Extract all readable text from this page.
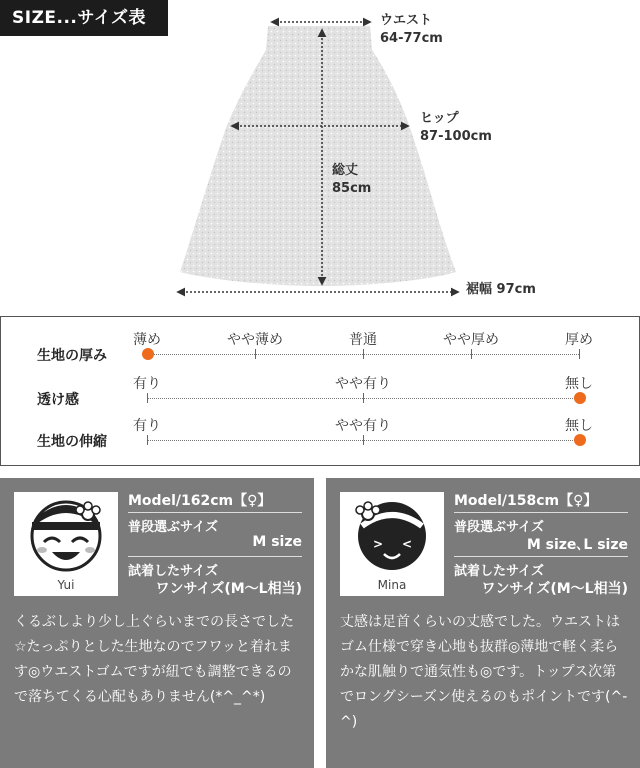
SIZE...サイズ表	ウエスト
64-77cm
ヒップ
87-100cm
総丈
85cm
裾幅 97cm
生地の厚み
薄め	やや薄め	普通	やや厚め	厚め
透け感
有り	やや有り	無し
生地の伸縮
有り	やや有り	無し
Yui
Model/162cm【♀】
普段選ぶサイズ
M size
試着したサイズ
ワンサイズ(M〜L相当)
くるぶしより少し上ぐらいまでの長さでした☆たっぷりとした生地なのでフワッと着れます◎ウエストゴムですが紐でも調整できるので落ちてくる心配もありません(*^_^*)
> <
Mina
Model/158cm【♀】
普段選ぶサイズ
M size､L size
試着したサイズ
ワンサイズ(M〜L相当)
丈感は足首くらいの丈感でした。ウエストはゴム仕様で穿き心地も抜群◎薄地で軽く柔らかな肌触りで通気性も◎です。トップス次第でロングシーズン使えるのもポイントです(^-^)
